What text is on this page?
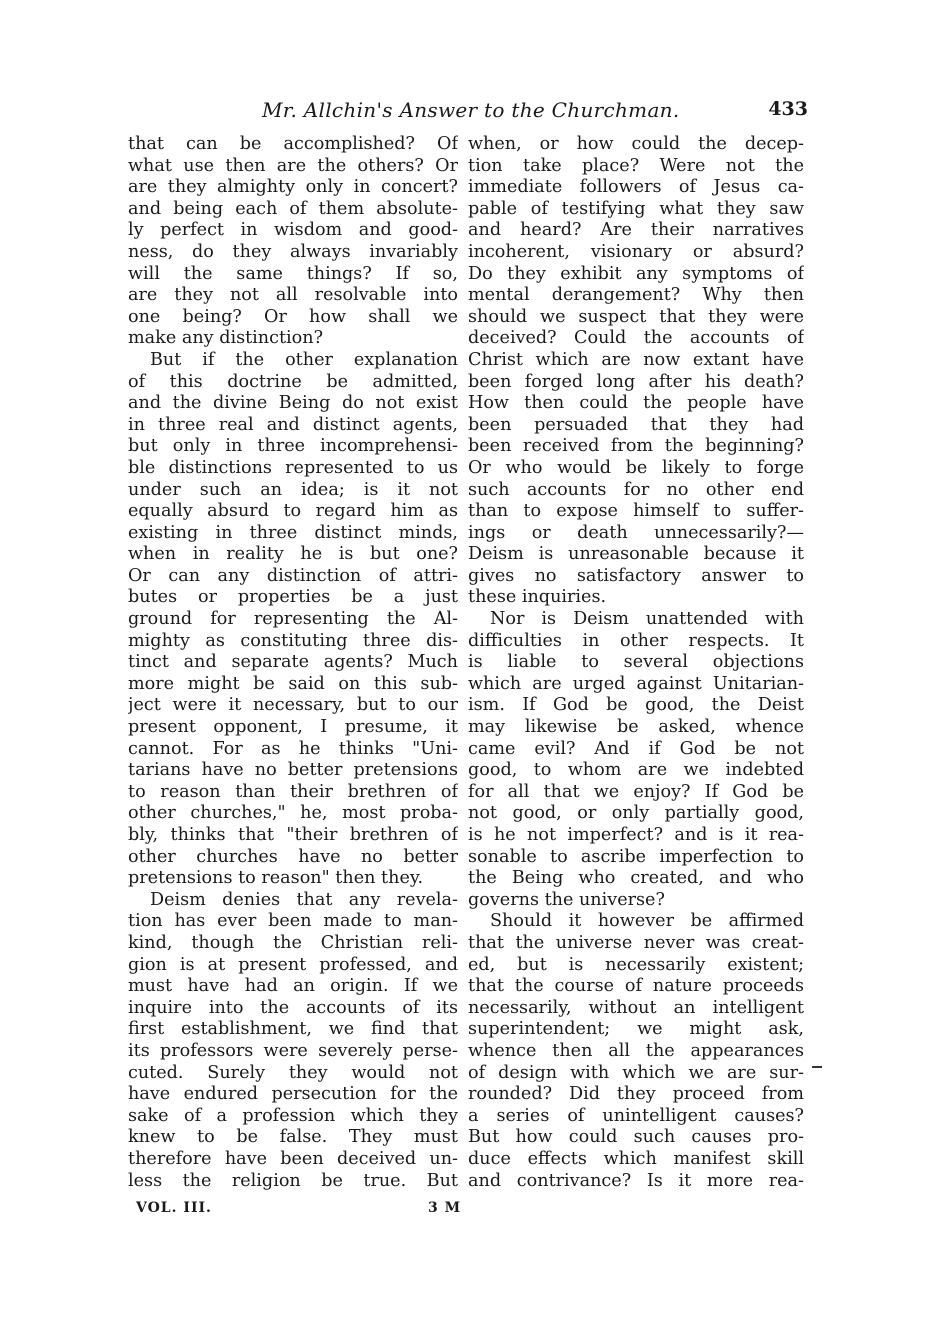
Mr. Allchin's Answer to the Churchman.	433
that can be accomplished? Of
what use then are the others? Or
are they almighty only in concert?
and being each of them absolute-
ly perfect in wisdom and good-
ness, do they always invariably
will the same things? If so,
are they not all resolvable into
one being? Or how shall we
make any distinction?
But if the other explanation
of this doctrine be admitted,
and the divine Being do not exist
in three real and distinct agents,
but only in three incomprehensi-
ble distinctions represented to us
under such an idea; is it not
equally absurd to regard him as
existing in three distinct minds,
when in reality he is but one?
Or can any distinction of attri-
butes or properties be a just
ground for representing the Al-
mighty as constituting three dis-
tinct and separate agents? Much
more might be said on this sub-
ject were it necessary, but to our
present opponent, I presume, it
cannot. For as he thinks "Uni-
tarians have no better pretensions
to reason than their brethren of
other churches," he, most proba-
bly, thinks that "their brethren of
other churches have no better
pretensions to reason" then they.
Deism denies that any revela-
tion has ever been made to man-
kind, though the Christian reli-
gion is at present professed, and
must have had an origin. If we
inquire into the accounts of its
first establishment, we find that
its professors were severely perse-
cuted. Surely they would not
have endured persecution for the
sake of a profession which they
knew to be false. They must
therefore have been deceived un-
less the religion be true. But
when, or how could the decep-
tion take place? Were not the
immediate followers of Jesus ca-
pable of testifying what they saw
and heard? Are their narratives
incoherent, visionary or absurd?
Do they exhibit any symptoms of
mental derangement? Why then
should we suspect that they were
deceived? Could the accounts of
Christ which are now extant have
been forged long after his death?
How then could the people have
been persuaded that they had
been received from the beginning?
Or who would be likely to forge
such accounts for no other end
than to expose himself to suffer-
ings or death unnecessarily?—
Deism is unreasonable because it
gives no satisfactory answer to
these inquiries.
Nor is Deism unattended with
difficulties in other respects. It
is liable to several objections
which are urged against Unitarian-
ism. If God be good, the Deist
may likewise be asked, whence
came evil? And if God be not
good, to whom are we indebted
for all that we enjoy? If God be
not good, or only partially good,
is he not imperfect? and is it rea-
sonable to ascribe imperfection to
the Being who created, and who
governs the universe?
Should it however be affirmed
that the universe never was creat-
ed, but is necessarily existent;
that the course of nature proceeds
necessarily, without an intelligent
superintendent; we might ask,
whence then all the appearances
of design with which we are sur-
rounded? Did they proceed from
a series of unintelligent causes?
But how could such causes pro-
duce effects which manifest skill
and contrivance? Is it more rea-
VOL. III.	3 M
